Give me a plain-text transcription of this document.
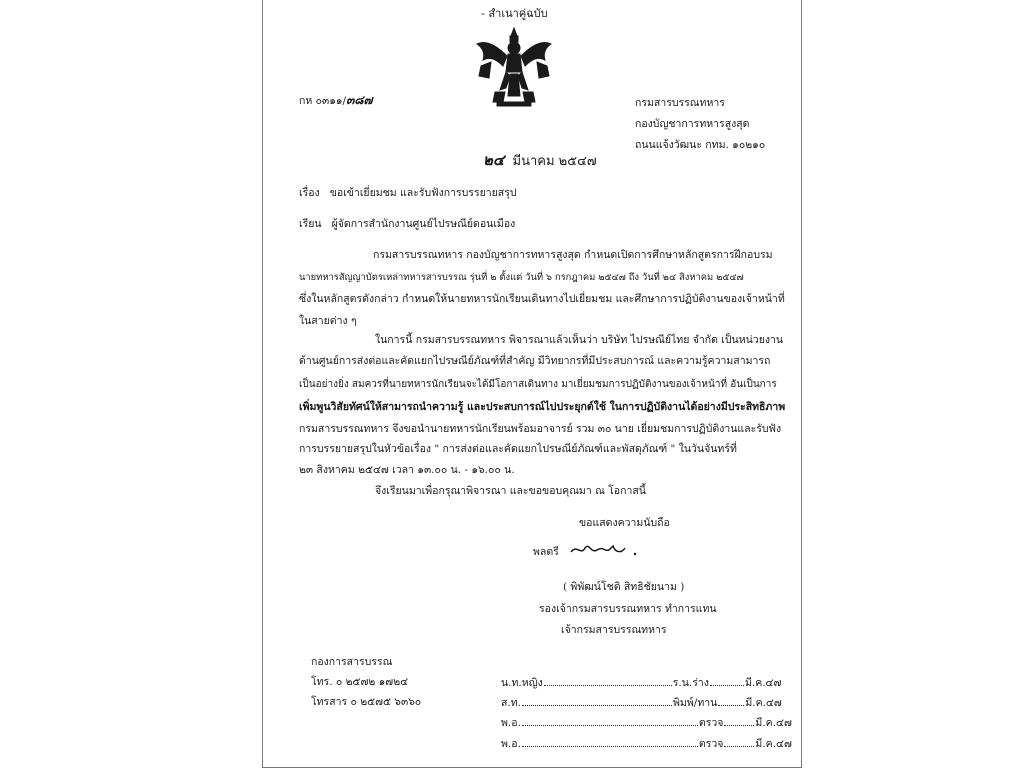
- สำเนาคู่ฉบับ
กห ๐๓๑๑/๓๘๗	กรมสารบรรณทหาร
กองบัญชาการทหารสูงสุด
ถนนแจ้งวัฒนะ กทม. ๑๐๒๑๐
๒๔ มีนาคม ๒๕๔๗
เรื่อง ขอเข้าเยี่ยมชม และรับฟังการบรรยายสรุป
เรียน ผู้จัดการสำนักงานศูนย์ไปรษณีย์ดอนเมือง
กรมสารบรรณทหาร กองบัญชาการทหารสูงสุด กำหนดเปิดการศึกษาหลักสูตรการฝึกอบรม
นายทหารสัญญาบัตรเหล่าทหารสารบรรณ รุ่นที่ ๒ ตั้งแต่ วันที่ ๖ กรกฎาคม ๒๕๔๗ ถึง วันที่ ๒๔ สิงหาคม ๒๕๔๗
ซึ่งในหลักสูตรดังกล่าว กำหนดให้นายทหารนักเรียนเดินทางไปเยี่ยมชม และศึกษาการปฏิบัติงานของเจ้าหน้าที่
ในสายต่าง ๆ
ในการนี้ กรมสารบรรณทหาร พิจารณาแล้วเห็นว่า บริษัท ไปรษณีย์ไทย จำกัด เป็นหน่วยงาน
ด้านศูนย์การส่งต่อและคัดแยกไปรษณีย์ภัณฑ์ที่สำคัญ มีวิทยากรที่มีประสบการณ์ และความรู้ความสามารถ
เป็นอย่างยิ่ง สมควรที่นายทหารนักเรียนจะได้มีโอกาสเดินทาง มาเยี่ยมชมการปฏิบัติงานของเจ้าหน้าที่ อันเป็นการ
เพิ่มพูนวิสัยทัศน์ให้สามารถนำความรู้ และประสบการณ์ไปประยุกต์ใช้ ในการปฏิบัติงานได้อย่างมีประสิทธิภาพ
กรมสารบรรณทหาร จึงขอนำนายทหารนักเรียนพร้อมอาจารย์ รวม ๓๐ นาย เยี่ยมชมการปฏิบัติงานและรับฟัง
การบรรยายสรุปในหัวข้อเรื่อง " การส่งต่อและคัดแยกไปรษณีย์ภัณฑ์และพัสดุภัณฑ์ " ในวันจันทร์ที่
๒๓ สิงหาคม ๒๕๔๗ เวลา ๑๓.๐๐ น. - ๑๖.๐๐ น.
จึงเรียนมาเพื่อกรุณาพิจารณา และขอขอบคุณมา ณ โอกาสนี้
ขอแสดงความนับถือ
พลตรี
( พิพัฒน์โชติ สิทธิชัยนาม )
รองเจ้ากรมสารบรรณทหาร ทำการแทน
เจ้ากรมสารบรรณทหาร
กองการสารบรรณ
โทร. ๐ ๒๕๗๒ ๑๗๒๔
โทรสาร ๐ ๒๕๗๕ ๖๓๖๐
น.ท.หญิง	ร.น.ร่าง	มี.ค.๔๗
ส.ท.	พิมพ์/ทาน	มี.ค.๔๗
พ.อ.	ตรวจ	มี.ค.๔๗
พ.อ.	ตรวจ	มี.ค.๔๗
